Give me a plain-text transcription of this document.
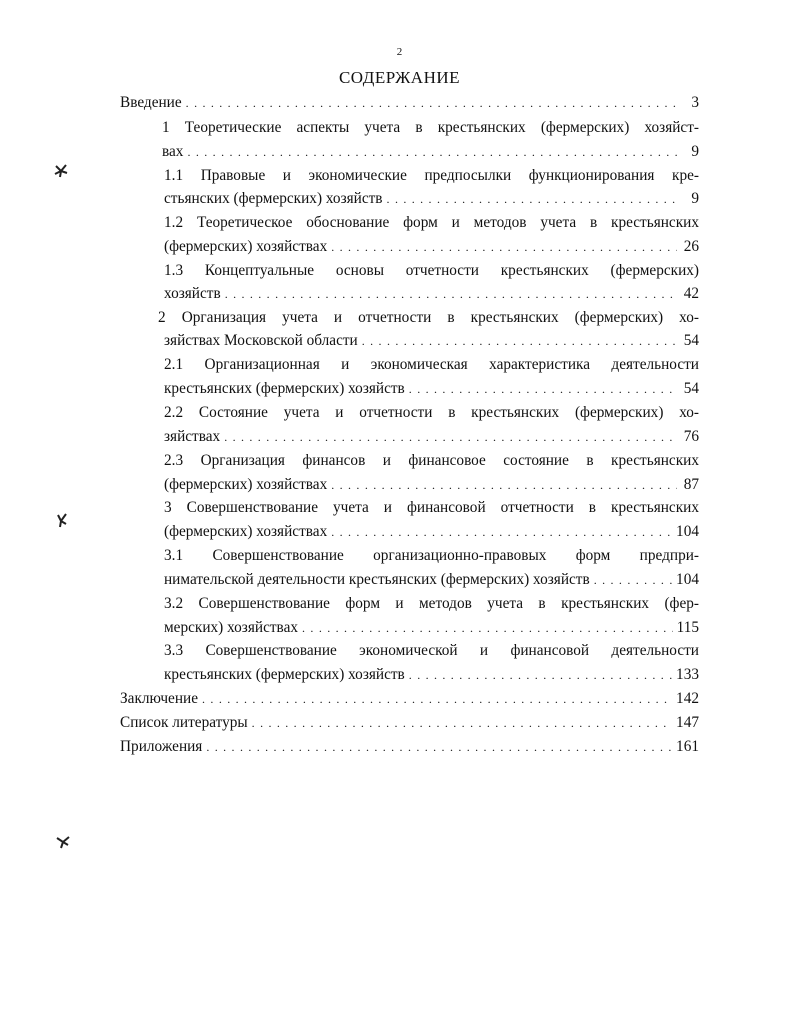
2
СОДЕРЖАНИЕ
Введение . . .	3
1 Теоретические аспекты учета в крестьянских (фермерских) хозяйст-
вах . . .	9
1.1 Правовые и экономические предпосылки функционирования кре-
стьянских (фермерских) хозяйств . . .	9
1.2 Теоретическое обоснование форм и методов учета в крестьянских
(фермерских) хозяйствах . . .	26
1.3 Концептуальные основы отчетности крестьянских (фермерских)
хозяйств . . .	42
2 Организация учета и отчетности в крестьянских (фермерских) хо-
зяйствах Московской области . . .	54
2.1 Организационная и экономическая характеристика деятельности
крестьянских (фермерских) хозяйств . . .	54
2.2 Состояние учета и отчетности в крестьянских (фермерских) хо-
зяйствах . . .	76
2.3 Организация финансов и финансовое состояние в крестьянских
(фермерских) хозяйствах . . .	87
3 Совершенствование учета и финансовой отчетности в крестьянских
(фермерских) хозяйствах . . .	104
3.1 Совершенствование организационно-правовых форм предпри-
нимательской деятельности крестьянских (фермерских) хозяйств . . .	104
3.2 Совершенствование форм и методов учета в крестьянских (фер-
мерских) хозяйствах . . .	115
3.3 Совершенствование экономической и финансовой деятельности
крестьянских (фермерских) хозяйств . . .	133
Заключение . . .	142
Список литературы . . .	147
Приложения . . .	161
